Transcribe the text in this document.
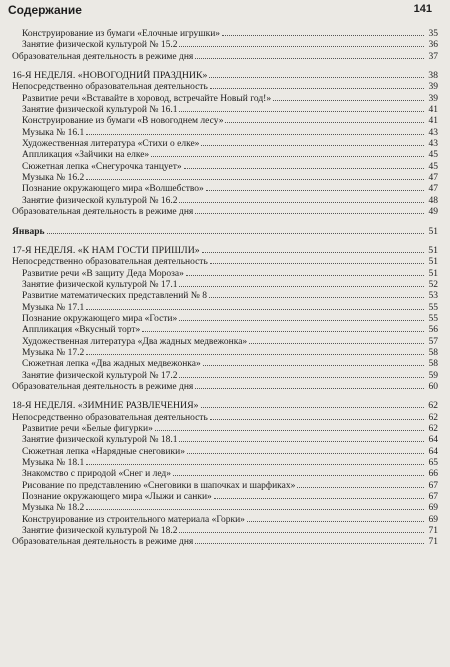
Содержание	141
Конструирование из бумаги «Елочные игрушки»	35
Занятие физической культурой № 15.2	36
Образовательная деятельность в режиме дня	37
16-Я НЕДЕЛЯ. «НОВОГОДНИЙ ПРАЗДНИК»	38
Непосредственно образовательная деятельность	39
Развитие речи «Вставайте в хоровод, встречайте Новый год!»	39
Занятие физической культурой № 16.1	41
Конструирование из бумаги «В новогоднем лесу»	41
Музыка № 16.1	43
Художественная литература «Стихи о елке»	43
Аппликация «Зайчики на елке»	45
Сюжетная лепка «Снегурочка танцует»	45
Музыка № 16.2	47
Познание окружающего мира «Волшебство»	47
Занятие физической культурой № 16.2	48
Образовательная деятельность в режиме дня	49
Январь	51
17-Я НЕДЕЛЯ. «К НАМ ГОСТИ ПРИШЛИ»	51
Непосредственно образовательная деятельность	51
Развитие речи «В защиту Деда Мороза»	51
Занятие физической культурой № 17.1	52
Развитие математических представлений № 8	53
Музыка № 17.1	55
Познание окружающего мира «Гости»	55
Аппликация «Вкусный торт»	56
Художественная литература «Два жадных медвежонка»	57
Музыка № 17.2	58
Сюжетная лепка «Два жадных медвежонка»	58
Занятие физической культурой № 17.2	59
Образовательная деятельность в режиме дня	60
18-Я НЕДЕЛЯ. «ЗИМНИЕ РАЗВЛЕЧЕНИЯ»	62
Непосредственно образовательная деятельность	62
Развитие речи «Белые фигурки»	62
Занятие физической культурой № 18.1	64
Сюжетная лепка «Нарядные снеговики»	64
Музыка № 18.1	65
Знакомство с природой «Снег и лед»	66
Рисование по представлению «Снеговики в шапочках и шарфиках»	67
Познание окружающего мира «Лыжи и санки»	67
Музыка № 18.2	69
Конструирование из строительного материала «Горки»	69
Занятие физической культурой № 18.2	71
Образовательная деятельность в режиме дня	71
